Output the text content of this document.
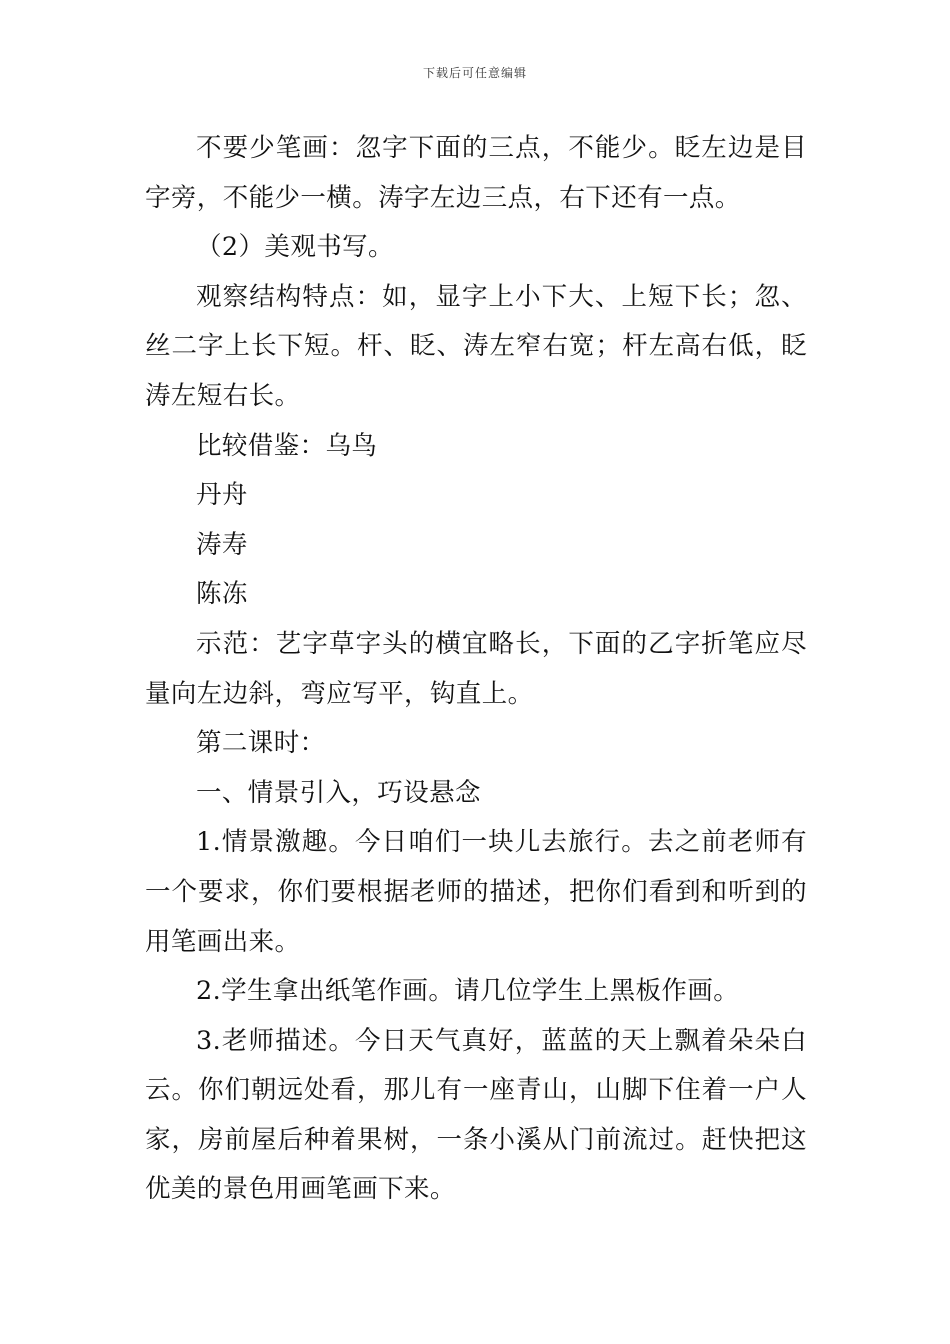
下载后可任意编辑

不要少笔画：忽字下面的三点，不能少。眨左边是目字旁，不能少一横。涛字左边三点，右下还有一点。

（2）美观书写。

观察结构特点：如，显字上小下大、上短下长；忽、丝二字上长下短。杆、眨、涛左窄右宽；杆左高右低，眨涛左短右长。

比较借鉴：乌鸟

丹舟

涛寿

陈冻

示范：艺字草字头的横宜略长，下面的乙字折笔应尽量向左边斜，弯应写平，钩直上。

第二课时：

一、情景引入，巧设悬念

1.情景激趣。今日咱们一块儿去旅行。去之前老师有一个要求，你们要根据老师的描述，把你们看到和听到的用笔画出来。

2.学生拿出纸笔作画。请几位学生上黑板作画。

3.老师描述。今日天气真好，蓝蓝的天上飘着朵朵白云。你们朝远处看，那儿有一座青山，山脚下住着一户人家，房前屋后种着果树，一条小溪从门前流过。赶快把这优美的景色用画笔画下来。
